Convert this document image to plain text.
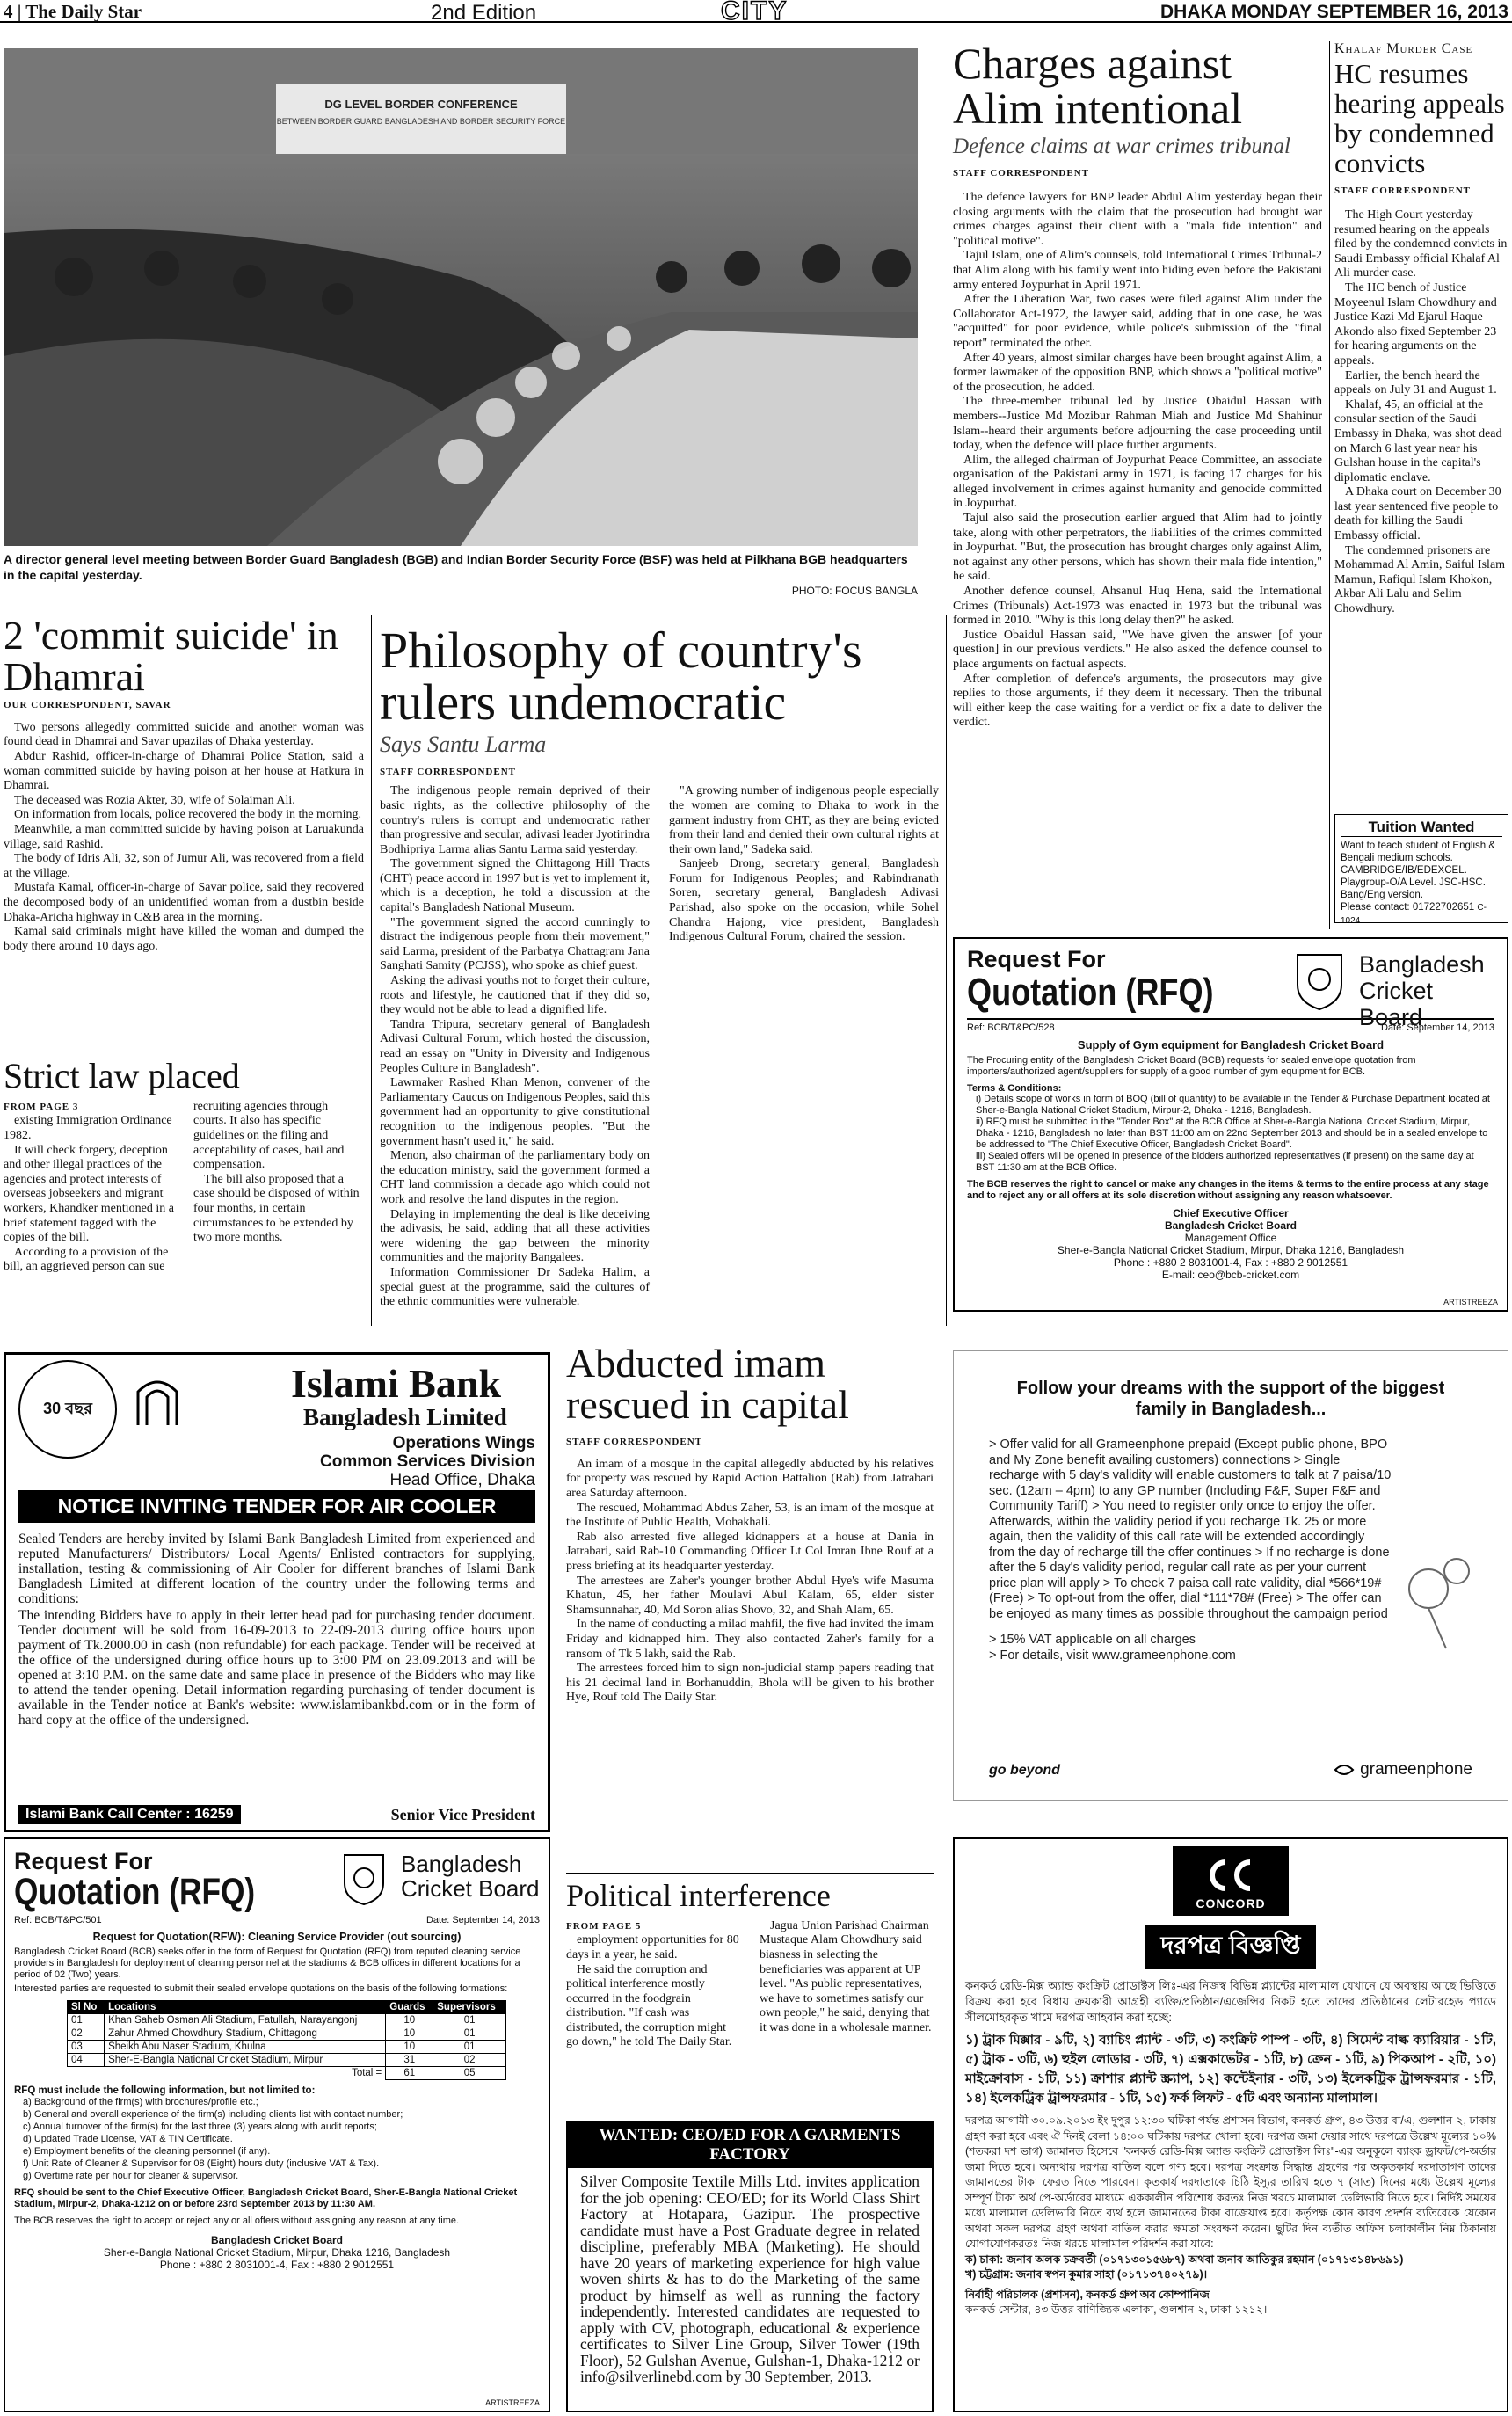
4 | The Daily Star	2nd Edition	CITY	DHAKA MONDAY SEPTEMBER 16, 2013
DG LEVEL BORDER CONFERENCE
BETWEEN BORDER GUARD BANGLADESH AND BORDER SECURITY FORCE
A director general level meeting between Border Guard Bangladesh (BGB) and Indian Border Security Force (BSF) was held at Pilkhana BGB headquarters in the capital yesterday.
PHOTO: FOCUS BANGLA
Charges against Alim intentional
Defence claims at war crimes tribunal
STAFF CORRESPONDENT

The defence lawyers for BNP leader Abdul Alim yesterday began their closing arguments with the claim that the prosecution had brought war crimes charges against their client with a "mala fide intention" and "political motive".

Tajul Islam, one of Alim's counsels, told International Crimes Tribunal-2 that Alim along with his family went into hiding even before the Pakistani army entered Joypurhat in April 1971.

After the Liberation War, two cases were filed against Alim under the Collaborator Act-1972, the lawyer said, adding that in one case, he was "acquitted" for poor evidence, while police's submission of the "final report" terminated the other.

After 40 years, almost similar charges have been brought against Alim, a former lawmaker of the opposition BNP, which shows a "political motive" of the prosecution, he added.

The three-member tribunal led by Justice Obaidul Hassan with members--Justice Md Mozibur Rahman Miah and Justice Md Shahinur Islam--heard their arguments before adjourning the case proceeding until today, when the defence will place further arguments.

Alim, the alleged chairman of Joypurhat Peace Committee, an associate organisation of the Pakistani army in 1971, is facing 17 charges for his alleged involvement in crimes against humanity and genocide committed in Joypurhat.

Tajul also said the prosecution earlier argued that Alim had to jointly take, along with other perpetrators, the liabilities of the crimes committed in Joypurhat. "But, the prosecution has brought charges only against Alim, not against any other persons, which has shown their mala fide intention," he said.

Another defence counsel, Ahsanul Huq Hena, said the International Crimes (Tribunals) Act-1973 was enacted in 1973 but the tribunal was formed in 2010. "Why is this long delay then?" he asked.

Justice Obaidul Hassan said, "We have given the answer [of your question] in our previous verdicts." He also asked the defence counsel to place arguments on factual aspects.

After completion of defence's arguments, the prosecutors may give replies to those arguments, if they deem it necessary. Then the tribunal will either keep the case waiting for a verdict or fix a date to deliver the verdict.

Khalaf Murder Case
HC resumes hearing appeals by condemned convicts
STAFF CORRESPONDENT

The High Court yesterday resumed hearing on the appeals filed by the condemned convicts in Saudi Embassy official Khalaf Al Ali murder case.

The HC bench of Justice Moyeenul Islam Chowdhury and Justice Kazi Md Ejarul Haque Akondo also fixed September 23 for hearing arguments on the appeals.

Earlier, the bench heard the appeals on July 31 and August 1.

Khalaf, 45, an official at the consular section of the Saudi Embassy in Dhaka, was shot dead on March 6 last year near his Gulshan house in the capital's diplomatic enclave.

A Dhaka court on December 30 last year sentenced five people to death for killing the Saudi Embassy official.

The condemned prisoners are Mohammad Al Amin, Saiful Islam Mamun, Rafiqul Islam Khokon, Akbar Ali Lalu and Selim Chowdhury.

Tuition Wanted
Want to teach student of English & Bengali medium schools. CAMBRIDGE/IB/EDEXCEL. Playgroup-O/A Level. JSC-HSC. Bang/Eng version.
Please contact: 01722702651 C-1024
2 'commit suicide' in Dhamrai
OUR CORRESPONDENT, SAVAR

Two persons allegedly committed suicide and another woman was found dead in Dhamrai and Savar upazilas of Dhaka yesterday.

Abdur Rashid, officer-in-charge of Dhamrai Police Station, said a woman committed suicide by having poison at her house at Hatkura in Dhamrai.

The deceased was Rozia Akter, 30, wife of Solaiman Ali.

On information from locals, police recovered the body in the morning.

Meanwhile, a man committed suicide by having poison at Laruakunda village, said Rashid.

The body of Idris Ali, 32, son of Jumur Ali, was recovered from a field at the village.

Mustafa Kamal, officer-in-charge of Savar police, said they recovered the decomposed body of an unidentified woman from a dustbin beside Dhaka-Aricha highway in C&B area in the morning.

Kamal said criminals might have killed the woman and dumped the body there around 10 days ago.

Strict law placed

FROM PAGE 3

existing Immigration Ordinance 1982.

It will check forgery, deception and other illegal practices of the agencies and protect interests of overseas jobseekers and migrant workers, Khandker mentioned in a brief statement tagged with the copies of the bill.

According to a provision of the bill, an aggrieved person can sue recruiting agencies through courts. It also has specific guidelines on the filing and acceptability of cases, bail and compensation.

The bill also proposed that a case should be disposed of within four months, in certain circumstances to be extended by two more months.

Philosophy of country's rulers undemocratic
Says Santu Larma
STAFF CORRESPONDENT

The indigenous people remain deprived of their basic rights, as the collective philosophy of the country's rulers is corrupt and undemocratic rather than progressive and secular, adivasi leader Jyotirindra Bodhipriya Larma alias Santu Larma said yesterday.

The government signed the Chittagong Hill Tracts (CHT) peace accord in 1997 but is yet to implement it, which is a deception, he told a discussion at the capital's Bangladesh National Museum.

"The government signed the accord cunningly to distract the indigenous people from their movement," said Larma, president of the Parbatya Chattagram Jana Sanghati Samity (PCJSS), who spoke as chief guest.

Asking the adivasi youths not to forget their culture, roots and lifestyle, he cautioned that if they did so, they would not be able to lead a dignified life.

Tandra Tripura, secretary general of Bangladesh Adivasi Cultural Forum, which hosted the discussion, read an essay on "Unity in Diversity and Indigenous Peoples Culture in Bangladesh".

Lawmaker Rashed Khan Menon, convener of the Parliamentary Caucus on Indigenous Peoples, said this government had an opportunity to give constitutional recognition to the indigenous peoples. "But the government hasn't used it," he said.

Menon, also chairman of the parliamentary body on the education ministry, said the government formed a CHT land commission a decade ago which could not work and resolve the land disputes in the region.

Delaying in implementing the deal is like deceiving the adivasis, he said, adding that all these activities were widening the gap between the minority communities and the majority Bangalees.

Information Commissioner Dr Sadeka Halim, a special guest at the programme, said the cultures of the ethnic communities were vulnerable.

"A growing number of indigenous people especially the women are coming to Dhaka to work in the garment industry from CHT, as they are being evicted from their land and denied their own cultural rights at their own land," Sadeka said.

Sanjeeb Drong, secretary general, Bangladesh Forum for Indigenous Peoples; and Rabindranath Soren, secretary general, Bangladesh Adivasi Parishad, also spoke on the occasion, while Sohel Chandra Hajong, vice president, Bangladesh Indigenous Cultural Forum, chaired the session.

Request For
Quotation (RFQ)
Bangladesh Cricket Board
Ref: BCB/T&PC/528	Date: September 14, 2013
Supply of Gym equipment for Bangladesh Cricket Board
The Procuring entity of the Bangladesh Cricket Board (BCB) requests for sealed envelope quotation from importers/authorized agent/suppliers for supply of a good number of gym equipment for BCB.
Terms & Conditions:
i) Details scope of works in form of BOQ (bill of quantity) to be available in the Tender & Purchase Department located at Sher-e-Bangla National Cricket Stadium, Mirpur-2, Dhaka - 1216, Bangladesh.
ii) RFQ must be submitted in the "Tender Box" at the BCB Office at Sher-e-Bangla National Cricket Stadium, Mirpur, Dhaka - 1216, Bangladesh no later than BST 11:00 am on 22nd September 2013 and should be in a sealed envelope to be addressed to "The Chief Executive Officer, Bangladesh Cricket Board".
iii) Sealed offers will be opened in presence of the bidders authorized representatives (if present) on the same day at BST 11:30 am at the BCB Office.
The BCB reserves the right to cancel or make any changes in the items & terms to the entire process at any stage and to reject any or all offers at its sole discretion without assigning any reason whatsoever.
Chief Executive Officer
Bangladesh Cricket Board
Management Office
Sher-e-Bangla National Cricket Stadium, Mirpur, Dhaka 1216, Bangladesh
Phone : +880 2 8031001-4, Fax : +880 2 9012551
E-mail: ceo@bcb-cricket.com
ARTISTREEZA
30 বছর
Islami Bank
Bangladesh Limited
Operations Wings
Common Services Division
Head Office, Dhaka
NOTICE INVITING TENDER FOR AIR COOLER
Sealed Tenders are hereby invited by Islami Bank Bangladesh Limited from experienced and reputed Manufacturers/ Distributors/ Local Agents/ Enlisted contractors for supplying, installation, testing & commissioning of Air Cooler for different branches of Islami Bank Bangladesh Limited at different location of the country under the following terms and conditions:
The intending Bidders have to apply in their letter head pad for purchasing tender document. Tender document will be sold from 16-09-2013 to 22-09-2013 during office hours upon payment of Tk.2000.00 in cash (non refundable) for each package. Tender will be received at the office of the undersigned during office hours up to 3:00 PM on 23.09.2013 and will be opened at 3:10 P.M. on the same date and same place in presence of the Bidders who may like to attend the tender opening. Detail information regarding purchasing of tender document is available in the Tender notice at Bank's website: www.islamibankbd.com or in the form of hard copy at the office of the undersigned.
Islami Bank Call Center : 16259	Senior Vice President
Request For
Quotation (RFQ)
Bangladesh Cricket Board
Ref: BCB/T&PC/501	Date: September 14, 2013
Request for Quotation(RFW): Cleaning Service Provider (out sourcing)
Bangladesh Cricket Board (BCB) seeks offer in the form of Request for Quotation (RFQ) from reputed cleaning service providers in Bangladesh for deployment of cleaning personnel at the stadiums & BCB offices in different locations for a period of 02 (Two) years.
Interested parties are requested to submit their sealed envelope quotations on the basis of the following formations:
Sl No	Locations	Guards	Supervisors
01	Khan Saheb Osman Ali Stadium, Fatullah, Narayangonj	10	01
02	Zahur Ahmed Chowdhury Stadium, Chittagong	10	01
03	Sheikh Abu Naser Stadium, Khulna	10	01
04	Sher-E-Bangla National Cricket Stadium, Mirpur	31	02
	Total =	61	05
RFQ must include the following information, but not limited to:
a) Background of the firm(s) with brochures/profile etc.;
b) General and overall experience of the firm(s) including clients list with contact number;
c) Annual turnover of the firm(s) for the last three (3) years along with audit reports;
d) Updated Trade License, VAT & TIN Certificate.
e) Employment benefits of the cleaning personnel (if any).
f) Unit Rate of Cleaner & Supervisor for 08 (Eight) hours duty (inclusive VAT & Tax).
g) Overtime rate per hour for cleaner & supervisor.
RFQ should be sent to the Chief Executive Officer, Bangladesh Cricket Board, Sher-E-Bangla National Cricket Stadium, Mirpur-2, Dhaka-1212 on or before 23rd September 2013 by 11:30 AM.
The BCB reserves the right to accept or reject any or all offers without assigning any reason at any time.
Bangladesh Cricket Board
Sher-e-Bangla National Cricket Stadium, Mirpur, Dhaka 1216, Bangladesh
Phone : +880 2 8031001-4, Fax : +880 2 9012551
ARTISTREEZA
Abducted imam rescued in capital
STAFF CORRESPONDENT

An imam of a mosque in the capital allegedly abducted by his relatives for property was rescued by Rapid Action Battalion (Rab) from Jatrabari area Saturday afternoon.

The rescued, Mohammad Abdus Zaher, 53, is an imam of the mosque at the Institute of Public Health, Mohakhali.

Rab also arrested five alleged kidnappers at a house at Dania in Jatrabari, said Rab-10 Commanding Officer Lt Col Imran Ibne Rouf at a press briefing at its headquarter yesterday.

The arrestees are Zaher's younger brother Abdul Hye's wife Masuma Khatun, 45, her father Moulavi Abul Kalam, 65, elder sister Shamsunnahar, 40, Md Soron alias Shovo, 32, and Shah Alam, 65.

In the name of conducting a milad mahfil, the five had invited the imam Friday and kidnapped him. They also contacted Zaher's family for a ransom of Tk 5 lakh, said the Rab.

The arrestees forced him to sign non-judicial stamp papers reading that his 21 decimal land in Borhanuddin, Bhola will be given to his brother Hye, Rouf told The Daily Star.

Political interference

FROM PAGE 5

employment opportunities for 80 days in a year, he said.

He said the corruption and political interference mostly occurred in the foodgrain distribution. "If cash was distributed, the corruption might go down," he told The Daily Star.

Jagua Union Parishad Chairman Mustaque Alam Chowdhury said biasness in selecting the beneficiaries was apparent at UP level. "As public representatives, we have to sometimes satisfy our own people," he said, denying that it was done in a wholesale manner.

WANTED: CEO/ED FOR A GARMENTS FACTORY
Silver Composite Textile Mills Ltd. invites application for the job opening: CEO/ED; for its World Class Shirt Factory at Hotapara, Gazipur. The prospective candidate must have a Post Graduate degree in related discipline, preferably MBA (Marketing). He should have 20 years of marketing experience for high value woven shirts & has to do the Marketing of the same product by himself as well as running the factory independently. Interested candidates are requested to apply with CV, photograph, educational & experience certificates to Silver Line Group, Silver Tower (19th Floor), 52 Gulshan Avenue, Gulshan-1, Dhaka-1212 or info@silverlinebd.com by 30 September, 2013.
Follow your dreams with the support of the biggest family in Bangladesh...
> Offer valid for all Grameenphone prepaid (Except public phone, BPO and My Zone benefit availing customers) connections > Single recharge with 5 day's validity will enable customers to talk at 7 paisa/10 sec. (12am – 4pm) to any GP number (Including F&F, Super F&F and Community Tariff) > You need to register only once to enjoy the offer. Afterwards, within the validity period if you recharge Tk. 25 or more again, then the validity of this call rate will be extended accordingly from the day of recharge till the offer continues > If no recharge is done after the 5 day's validity period, regular call rate as per your current price plan will apply > To check 7 paisa call rate validity, dial *566*19# (Free) > To opt-out from the offer, dial *111*78# (Free) > The offer can be enjoyed as many times as possible throughout the campaign period
> 15% VAT applicable on all charges
> For details, visit www.grameenphone.com
go beyond	grameenphone
CONCORD
দরপত্র বিজ্ঞপ্তি
কনকর্ড রেডি-মিক্স অ্যান্ড কংক্রিট প্রোডাক্টস লিঃ-এর নিজস্ব বিভিন্ন প্ল্যান্টের মালামাল যেখানে যে অবস্থায় আছে ভিত্তিতে বিক্রয় করা হবে বিধায় ক্রয়কারী আগ্রহী ব্যক্তি/প্রতিষ্ঠান/এজেন্সির নিকট হতে তাদের প্রতিষ্ঠানের লেটারহেড প্যাডে সীলমোহরকৃত খামে দরপত্র আহবান করা হচ্ছে:
১) ট্রাক মিক্সার - ৯টি, ২) ব্যাচিং প্ল্যান্ট - ৩টি, ৩) কংক্রিট পাম্প - ৩টি, ৪) সিমেন্ট বাল্ক ক্যারিয়ার - ১টি, ৫) ট্রাক - ৩টি, ৬) হুইল লোডার - ৩টি, ৭) এক্সকাভেটর - ১টি, ৮) ক্রেন - ১টি, ৯) পিকআপ - ২টি, ১০) মাইক্রোবাস - ১টি, ১১) ক্রাশার প্ল্যান্ট স্ক্র্যাপ, ১২) কন্টেইনার - ৩টি, ১৩) ইলেকট্রিক ট্রান্সফরমার - ১টি, ১৪) ইলেকট্রিক ট্রান্সফরমার - ১টি, ১৫) ফর্ক লিফট - ৫টি এবং অন্যান্য মালামাল।
দরপত্র আগামী ৩০.০৯.২০১৩ ইং দুপুর ১২:৩০ ঘটিকা পর্যন্ত প্রশাসন বিভাগ, কনকর্ড গ্রুপ, ৪৩ উত্তর বা/এ, গুলশান-২, ঢাকায় গ্রহণ করা হবে এবং ঐ দিনই বেলা ১৪:০০ ঘটিকায় দরপত্র খোলা হবে। দরপত্র জমা দেয়ার সাথে দরপত্রে উল্লেখ মূল্যের ১০% (শতকরা দশ ভাগ) জামানত হিসেবে "কনকর্ড রেডি-মিক্স অ্যান্ড কংক্রিট প্রোডাক্টস লিঃ"-এর অনুকূলে ব্যাংক ড্রাফট/পে-অর্ডার জমা দিতে হবে। অন্যথায় দরপত্র বাতিল বলে গণ্য হবে। দরপত্র সংক্রান্ত সিদ্ধান্ত গ্রহণের পর অকৃতকার্য দরদাতাগণ তাদের জামানতের টাকা ফেরত নিতে পারবেন। কৃতকার্য দরদাতাকে চিঠি ইস্যুর তারিখ হতে ৭ (সাত) দিনের মধ্যে উল্লেখ মূল্যের সম্পূর্ণ টাকা অর্থ পে-অর্ডারের মাধ্যমে এককালীন পরিশোধ করতঃ নিজ খরচে মালামাল ডেলিভারি নিতে হবে। নির্দিষ্ট সময়ের মধ্যে মালামাল ডেলিভারি নিতে ব্যর্থ হলে জামানতের টাকা বাজেয়াপ্ত হবে। কর্তৃপক্ষ কোন কারণ প্রদর্শন ব্যতিরেকে যেকোন অথবা সকল দরপত্র গ্রহণ অথবা বাতিল করার ক্ষমতা সংরক্ষণ করেন। ছুটির দিন ব্যতীত অফিস চলাকালীন নিম্ন ঠিকানায় যোগাযোগকরতঃ নিজ খরচে মালামাল পরিদর্শন করা যাবে:
ক) চাকা: জনাব অলক চক্রবর্তী (০১৭১৩০১৫৬৮৭) অথবা জনাব আতিকুর রহমান (০১৭১৩১৪৮৬৯১)
খ) চট্টগ্রাম: জনাব স্বপন কুমার সাহা (০১৭১৩৭৪০২৭৯)।
নির্বাহী পরিচালক (প্রশাসন), কনকর্ড গ্রুপ অব কোম্পানিজ
কনকর্ড সেন্টার, ৪৩ উত্তর বাণিজ্যিক এলাকা, গুলশান-২, ঢাকা-১২১২।
